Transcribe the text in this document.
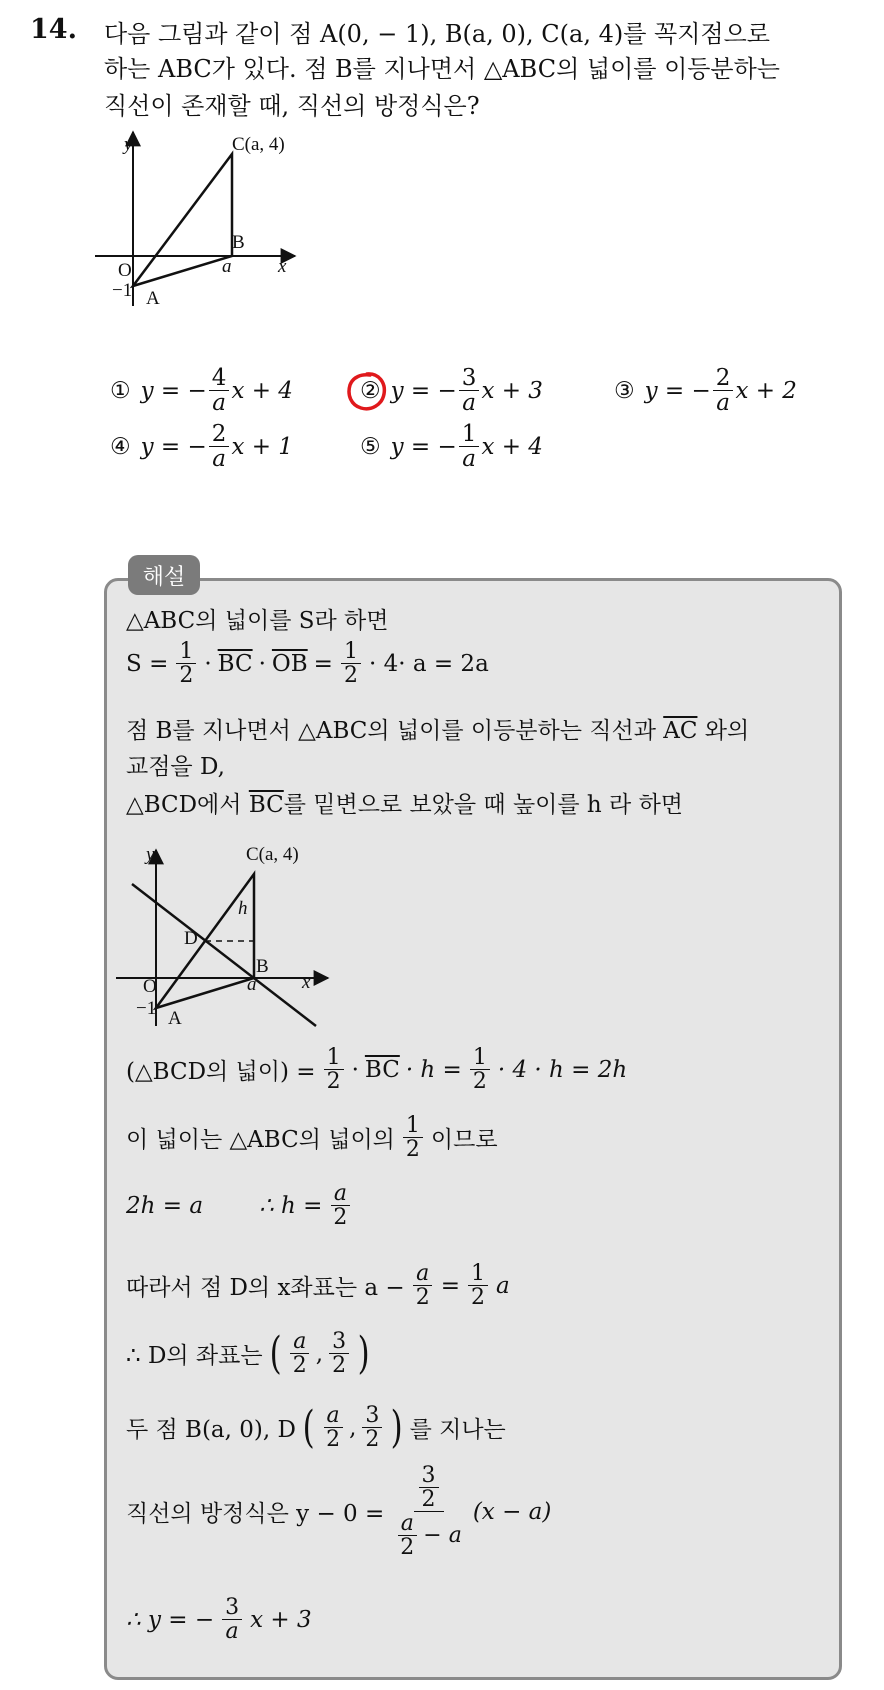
14. 다음 그림과 같이 점 A(0, − 1), B(a, 0), C(a, 4)를 꼭지점으로
하는 ABC가 있다. 점 B를 지나면서 △ABC의 넓이를 이등분하는
직선이 존재할 때, 직선의 방정식은?
y	C(a, 4)
B
O	a x
−1 A
① y = − $\frac{4}{a}$ x + 4	② y = − $\frac{3}{a}$ x + 3	③ y = − $\frac{2}{a}$ x + 2
④ y = − $\frac{2}{a}$ x + 1	⑤ y = − $\frac{1}{a}$ x + 4
해설
△ABC의 넓이를 S라 하면
$S = \frac{1}{2} \cdot \overline{BC} \cdot \overline{OB} = \frac{1}{2} \cdot 4\cdot a = 2a$
점 B를 지나면서 △ABC의 넓이를 이등분하는 직선과 $\overline{AC}$ 와의
교점을 D,
△BCD에서 $\overline{BC}$를 밑변으로 보았을 때 높이를 h 라 하면
y	C(a, 4)
h
D
B
O	a x
−1 A
(△BCD의 넓이) = $\frac{1}{2} \cdot \overline{BC} \cdot h = \frac{1}{2} \cdot 4 \cdot h = 2h$
이 넓이는 △ABC의 넓이의 $\frac{1}{2}$ 이므로
2h = a ∴ $h = \frac{a}{2}$
따라서 점 D의 x좌표는 $a - \frac{a}{2} = \frac{1}{2}$ a
∴ D의 좌표는 ( $\frac{a}{2}$ , $\frac{3}{2}$ )
두 점 B(a, 0), D ( $\frac{a}{2}$ , $\frac{3}{2}$ ) 를 지나는
직선의 방정식은 $y - 0 = \frac{\frac{3}{2}}{\frac{a}{2} - a} (x - a)$
∴ y = − $\frac{3}{a}$ x + 3
